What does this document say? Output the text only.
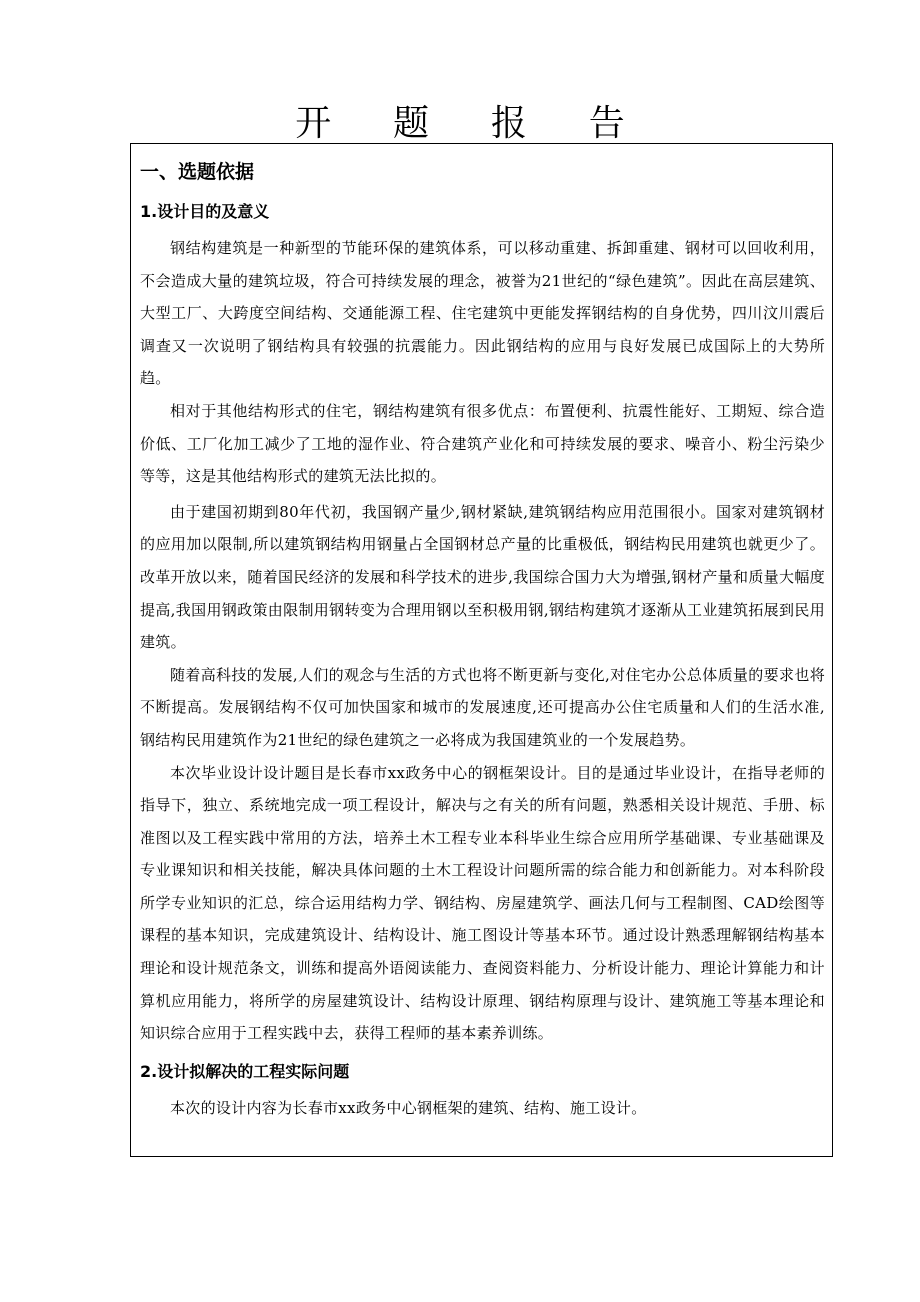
开 题 报 告
一、选题依据
1.设计目的及意义

钢结构建筑是一种新型的节能环保的建筑体系，可以移动重建、拆卸重建、钢材可以回收利用，不会造成大量的建筑垃圾，符合可持续发展的理念，被誉为21世纪的“绿色建筑”。因此在高层建筑、大型工厂、大跨度空间结构、交通能源工程、住宅建筑中更能发挥钢结构的自身优势，四川汶川震后调查又一次说明了钢结构具有较强的抗震能力。因此钢结构的应用与良好发展已成国际上的大势所趋。

相对于其他结构形式的住宅，钢结构建筑有很多优点：布置便利、抗震性能好、工期短、综合造价低、工厂化加工减少了工地的湿作业、符合建筑产业化和可持续发展的要求、噪音小、粉尘污染少等等，这是其他结构形式的建筑无法比拟的。

由于建国初期到80年代初，我国钢产量少,钢材紧缺,建筑钢结构应用范围很小。国家对建筑钢材的应用加以限制,所以建筑钢结构用钢量占全国钢材总产量的比重极低，钢结构民用建筑也就更少了。改革开放以来，随着国民经济的发展和科学技术的进步,我国综合国力大为增强,钢材产量和质量大幅度提高,我国用钢政策由限制用钢转变为合理用钢以至积极用钢,钢结构建筑才逐渐从工业建筑拓展到民用建筑。

随着高科技的发展,人们的观念与生活的方式也将不断更新与变化,对住宅办公总体质量的要求也将不断提高。发展钢结构不仅可加快国家和城市的发展速度,还可提高办公住宅质量和人们的生活水准, 钢结构民用建筑作为21世纪的绿色建筑之一必将成为我国建筑业的一个发展趋势。

本次毕业设计设计题目是长春市xx政务中心的钢框架设计。目的是通过毕业设计，在指导老师的指导下，独立、系统地完成一项工程设计，解决与之有关的所有问题，熟悉相关设计规范、手册、标准图以及工程实践中常用的方法，培养土木工程专业本科毕业生综合应用所学基础课、专业基础课及专业课知识和相关技能，解决具体问题的土木工程设计问题所需的综合能力和创新能力。对本科阶段所学专业知识的汇总，综合运用结构力学、钢结构、房屋建筑学、画法几何与工程制图、CAD绘图等课程的基本知识，完成建筑设计、结构设计、施工图设计等基本环节。通过设计熟悉理解钢结构基本理论和设计规范条文，训练和提高外语阅读能力、查阅资料能力、分析设计能力、理论计算能力和计算机应用能力，将所学的房屋建筑设计、结构设计原理、钢结构原理与设计、建筑施工等基本理论和知识综合应用于工程实践中去，获得工程师的基本素养训练。

2.设计拟解决的工程实际问题

本次的设计内容为长春市xx政务中心钢框架的建筑、结构、施工设计。
